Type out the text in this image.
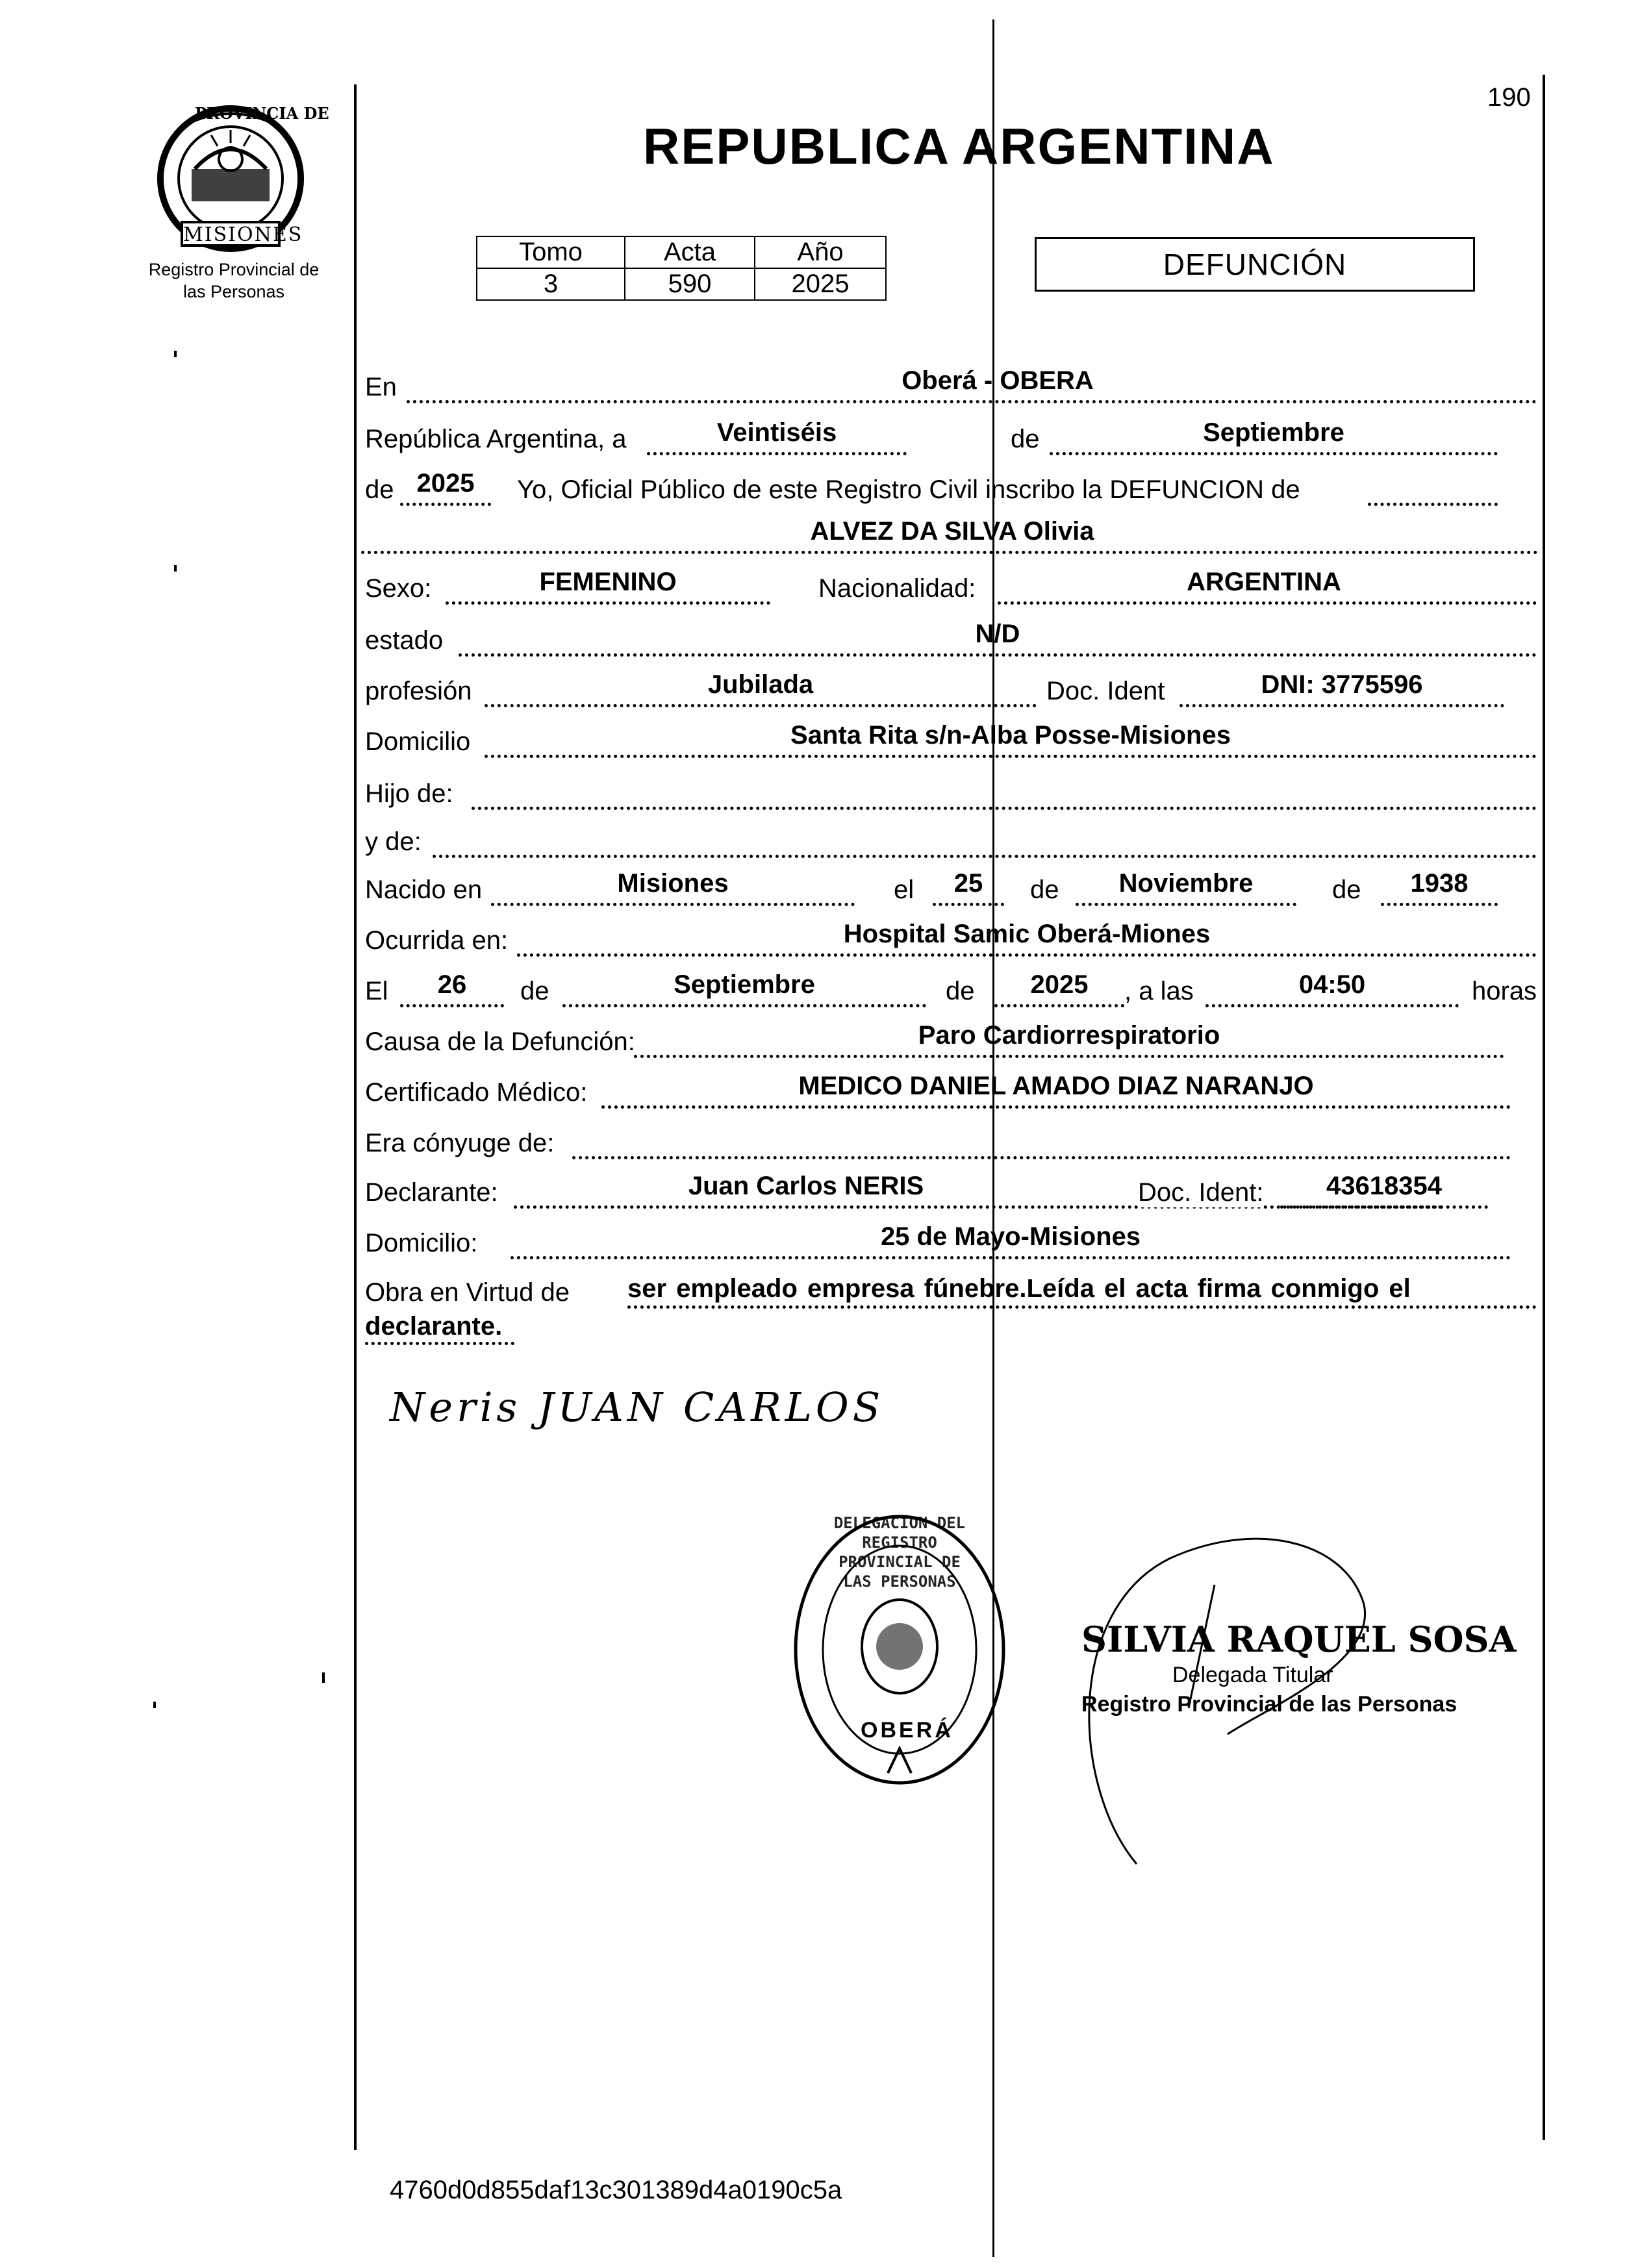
190
PROVINCIA DE
MISIONES
Registro Provincial de
las Personas
REPUBLICA ARGENTINA
Tomo	Acta	Año
3	590	2025
DEFUNCIÓN
En	Oberá - OBERA
República Argentina, a	Veintiséis	de	Septiembre
de 2025	Yo, Oficial Público de este Registro Civil inscribo la DEFUNCION de
ALVEZ DA SILVA Olivia
Sexo:	FEMENINO	Nacionalidad:	ARGENTINA
estado	N/D
profesión	Jubilada	Doc. Ident	DNI: 3775596
Domicilio	Santa Rita s/n-Alba Posse-Misiones
Hijo de:
y de:
Nacido en	Misiones	el	25	de	Noviembre	de	1938
Ocurrida en:	Hospital Samic Oberá-Miones
El	26	de	Septiembre	de	2025	, a las	04:50	horas
Causa de la Defunción:	Paro Cardiorrespiratorio
Certificado Médico:	MEDICO DANIEL AMADO DIAZ NARANJO
Era cónyuge de:
Declarante:	Juan Carlos NERIS	Doc. Ident:	43618354
Domicilio:	25 de Mayo-Misiones
Obra en Virtud de ser empleado empresa fúnebre.Leída el acta firma conmigo el
declarante.
Neris JUAN CARLOS
DELEGACION DEL REGISTRO PROVINCIAL DE LAS PERSONAS
OBERÁ
SILVIA RAQUEL SOSA
Delegada Titular
Registro Provincial de las Personas
4760d0d855daf13c301389d4a0190c5a
